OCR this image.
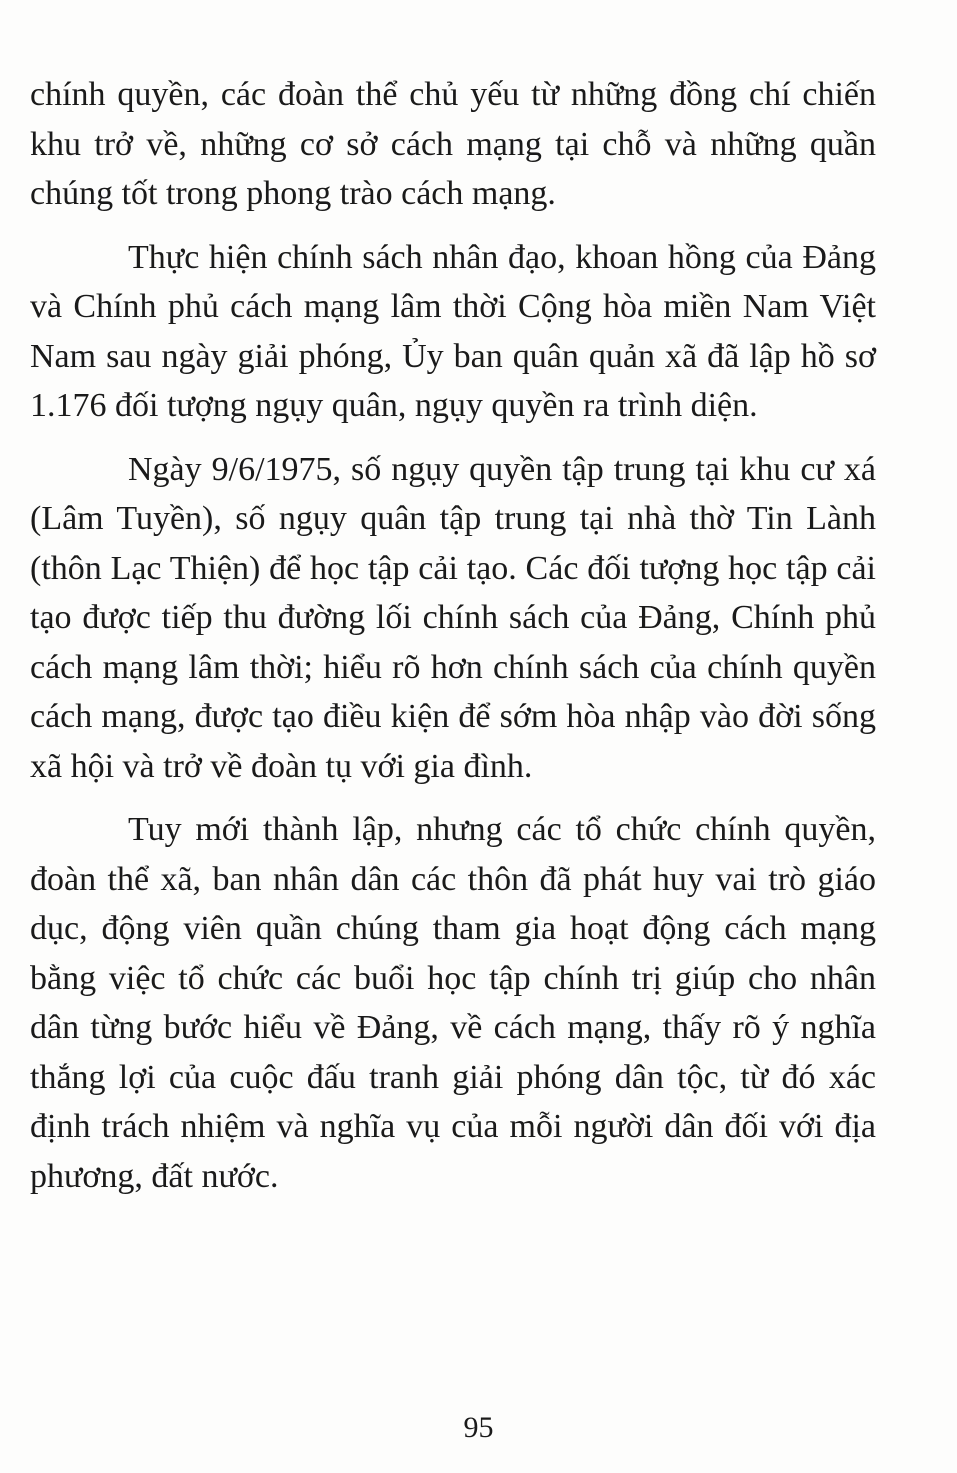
chính quyền, các đoàn thể chủ yếu từ những đồng chí chiến khu trở về, những cơ sở cách mạng tại chỗ và những quần chúng tốt trong phong trào cách mạng.

Thực hiện chính sách nhân đạo, khoan hồng của Đảng và Chính phủ cách mạng lâm thời Cộng hòa miền Nam Việt Nam sau ngày giải phóng, Ủy ban quân quản xã đã lập hồ sơ 1.176 đối tượng ngụy quân, ngụy quyền ra trình diện.

Ngày 9/6/1975, số ngụy quyền tập trung tại khu cư xá (Lâm Tuyền), số ngụy quân tập trung tại nhà thờ Tin Lành (thôn Lạc Thiện) để học tập cải tạo. Các đối tượng học tập cải tạo được tiếp thu đường lối chính sách của Đảng, Chính phủ cách mạng lâm thời; hiểu rõ hơn chính sách của chính quyền cách mạng, được tạo điều kiện để sớm hòa nhập vào đời sống xã hội và trở về đoàn tụ với gia đình.

Tuy mới thành lập, nhưng các tổ chức chính quyền, đoàn thể xã, ban nhân dân các thôn đã phát huy vai trò giáo dục, động viên quần chúng tham gia hoạt động cách mạng bằng việc tổ chức các buổi học tập chính trị giúp cho nhân dân từng bước hiểu về Đảng, về cách mạng, thấy rõ ý nghĩa thắng lợi của cuộc đấu tranh giải phóng dân tộc, từ đó xác định trách nhiệm và nghĩa vụ của mỗi người dân đối với địa phương, đất nước.

95
